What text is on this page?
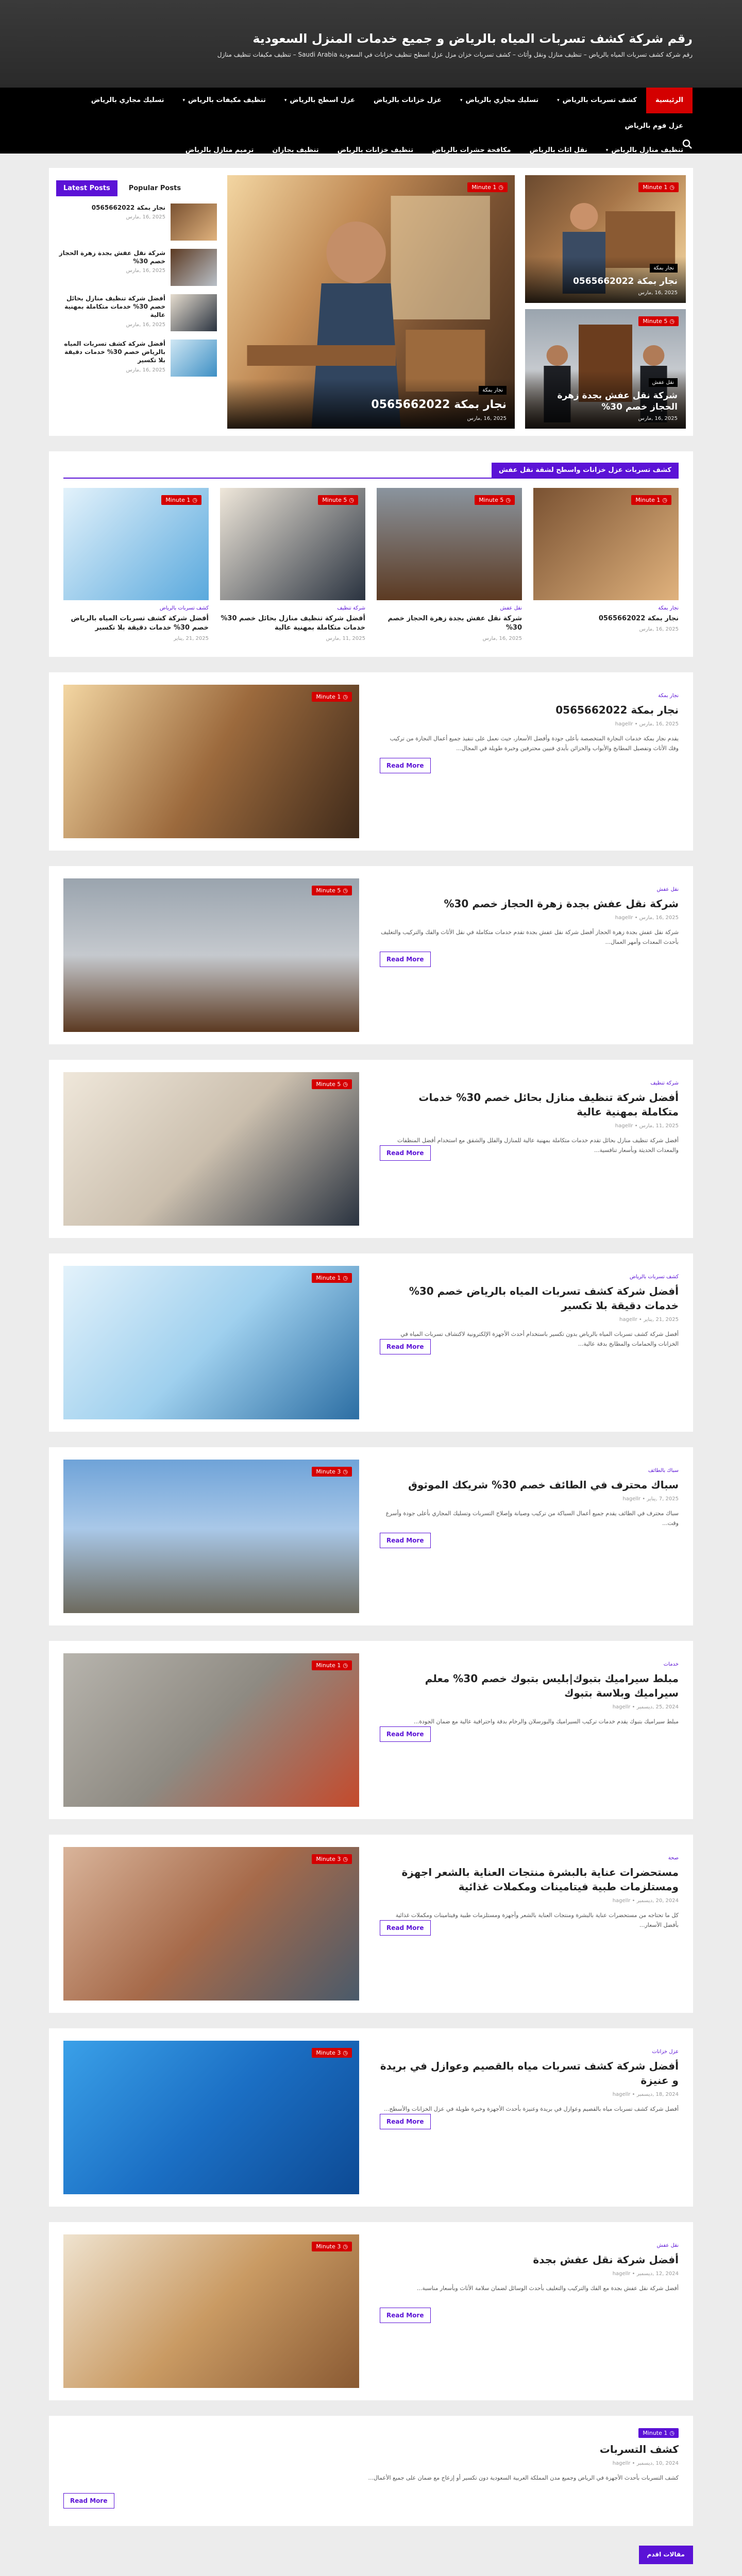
رقم شركة كشف تسربات المياه بالرياض و جميع خدمات المنزل السعودية
رقم شركة كشف تسربات المياه بالرياض – تنظيف منازل ونقل وأثاث – كشف تسربات خزان مزل عزل اسطح تنظيف خزانات في السعودية Saudi Arabia – تنظيف مكيفات تنظيف منازل
الرئيسية
كشف تسربات بالرياض
▾
تسليك مجاري بالرياض
▾
عزل خزانات بالرياض
عزل اسطح بالرياض
▾
تنظيف مكيفات بالرياض
▾
تسليك مجاري بالرياض
عزل فوم بالرياض
تنظيف منازل بالرياض
▾
نقل اثاث بالرياض
مكافحة حشرات بالرياض
تنظيف خزانات بالرياض
تنظيف بجازان
ترميم منازل بالرياض
◷
Minute 1
نجار بمكة
نجار بمكة 0565662022
2025 ,16 ,مارس
◷
Minute 5
نقل عفش
شركة نقل عفش بجدة زهرة الحجاز خصم 30%
2025 ,16 ,مارس
◷
Minute 1
نجار بمكة
نجار بمكة 0565662022
2025 ,16 ,مارس
Latest Posts	Popular Posts
نجار بمكة 0565662022
2025 ,16 ,مارس
شركة نقل عفش بجدة زهرة الحجاز خصم 30%
2025 ,16 ,مارس
أفضل شركة تنظيف منازل بحائل خصم 30% خدمات متكاملة بمهنية عالية
2025 ,16 ,مارس
أفضل شركة كشف تسربات المياه بالرياض خصم 30% خدمات دقيقة بلا تكسير
2025 ,16 ,مارس
كشف تسربات عزل خزانات واسطح لشقة نقل عفش
◷
Minute 1
نجار بمكة
نجار بمكة 0565662022
2025 ,16 ,مارس
◷
Minute 5
نقل عفش
شركة نقل عفش بجدة زهرة الحجاز خصم 30%
2025 ,16 ,مارس
◷
Minute 5
شركة تنظيف
أفضل شركة تنظيف منازل بحائل خصم 30% خدمات متكاملة بمهنية عالية
2025 ,11 ,مارس
◷
Minute 1
كشف تسربات بالرياض
أفضل شركة كشف تسربات المياه بالرياض خصم 30% خدمات دقيقة بلا تكسير
2025 ,21 ,يناير
◷
Minute 1	نجار بمكة
نجار بمكة 0565662022
2025 ,16 ,مارس • hagellr
يقدم نجار بمكة خدمات النجارة المتخصصة بأعلى جودة وأفضل الأسعار، حيث نعمل على تنفيذ جميع أعمال النجارة من تركيب وفك الأثاث وتفصيل المطابخ والأبواب والخزائن بأيدي فنيين محترفين وخبرة طويلة في المجال...
Read More
◷
Minute 5	نقل عفش
شركة نقل عفش بجدة زهرة الحجاز خصم 30%
2025 ,16 ,مارس • hagellr
شركة نقل عفش بجدة زهرة الحجاز أفضل شركة نقل عفش بجدة تقدم خدمات متكاملة في نقل الأثاث والفك والتركيب والتغليف بأحدث المعدات وأمهر العمال...
Read More
◷
Minute 5	شركة تنظيف
أفضل شركة تنظيف منازل بحائل خصم 30% خدمات متكاملة بمهنية عالية
2025 ,11 ,مارس • hagellr
أفضل شركة تنظيف منازل بحائل تقدم خدمات متكاملة بمهنية عالية للمنازل والفلل والشقق مع استخدام أفضل المنظفات والمعدات الحديثة وبأسعار تنافسية...
Read More
◷
Minute 1	كشف تسربات بالرياض
أفضل شركة كشف تسربات المياه بالرياض خصم 30% خدمات دقيقة بلا تكسير
2025 ,21 ,يناير • hagellr
أفضل شركة كشف تسربات المياه بالرياض بدون تكسير باستخدام أحدث الأجهزة الإلكترونية لاكتشاف تسربات المياه في الخزانات والحمامات والمطابخ بدقة عالية...
Read More
◷
Minute 3	سباك بالطائف
سباك محترف في الطائف خصم 30% شريكك الموثوق
2025 ,7 ,يناير • hagellr
سباك محترف في الطائف يقدم جميع أعمال السباكة من تركيب وصيانة وإصلاح التسربات وتسليك المجاري بأعلى جودة وأسرع وقت...
Read More
◷
Minute 1	خدمات
مبلط سيراميك بتبوك|بليس بتبوك خصم 30% معلم سيراميك وبلاسة بتبوك
2024 ,25 ,ديسمبر • hagellr
مبلط سيراميك بتبوك يقدم خدمات تركيب السيراميك والبورسلان والرخام بدقة واحترافية عالية مع ضمان الجودة...
Read More
◷
Minute 3	صحة
مستحضرات عناية بالبشرة منتجات العناية بالشعر اجهزة ومستلزمات طبية فيتامينات ومكملات غذائية
2024 ,20 ,ديسمبر • hagellr
كل ما تحتاجه من مستحضرات عناية بالبشرة ومنتجات العناية بالشعر وأجهزة ومستلزمات طبية وفيتامينات ومكملات غذائية بأفضل الأسعار...
Read More
◷
Minute 3	عزل خزانات
أفضل شركة كشف تسربات مياه بالقصيم وعوازل في بريدة و عنيزة
2024 ,18 ,ديسمبر • hagellr
أفضل شركة كشف تسربات مياه بالقصيم وعوازل في بريدة وعنيزة بأحدث الأجهزة وخبرة طويلة في عزل الخزانات والأسطح...
Read More
◷
Minute 3	نقل عفش
أفضل شركة نقل عفش بجدة
2024 ,12 ,ديسمبر • hagellr
أفضل شركة نقل عفش بجدة مع الفك والتركيب والتغليف بأحدث الوسائل لضمان سلامة الأثاث وبأسعار مناسبة...
Read More
◷
Minute 1
كشف التسربات
2024 ,10 ,ديسمبر • hagellr
كشف التسربات بأحدث الأجهزة في الرياض وجميع مدن المملكة العربية السعودية دون تكسير أو إزعاج مع ضمان على جميع الأعمال...
Read More
مقالات اقدم
